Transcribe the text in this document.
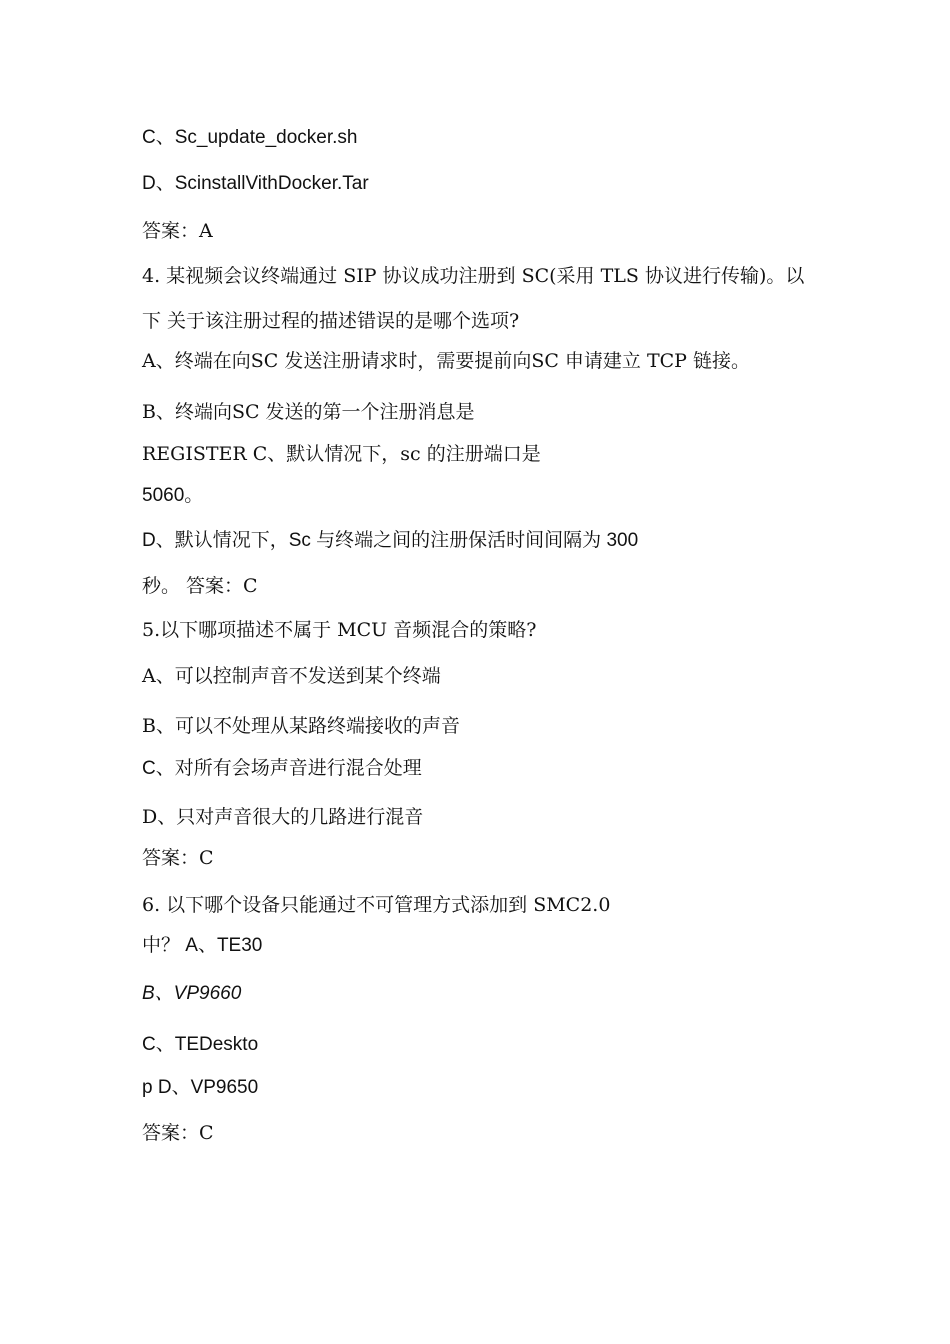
C、Sc_update_docker.sh
D、ScinstallVithDocker.Tar
答案：A
4. 某视频会议终端通过 SIP 协议成功注册到 SC(采用 TLS 协议进行传输)。以
下 关于该注册过程的描述错误的是哪个选项?
A、终端在向SC 发送注册请求时，需要提前向SC 申请建立 TCP 链接。
B、终端向SC 发送的第一个注册消息是
REGISTER C、默认情况下，sc 的注册端口是
5060。
D、默认情况下，Sc 与终端之间的注册保活时间间隔为 300
秒。 答案：C
5.以下哪项描述不属于 MCU 音频混合的策略?
A、可以控制声音不发送到某个终端
B、可以不处理从某路终端接收的声音
C、对所有会场声音进行混合处理
D、只对声音很大的几路进行混音
答案：C
6. 以下哪个设备只能通过不可管理方式添加到 SMC2.0
中？ A、TE30
B、VP9660
C、TEDeskto
p D、VP9650
答案：C
